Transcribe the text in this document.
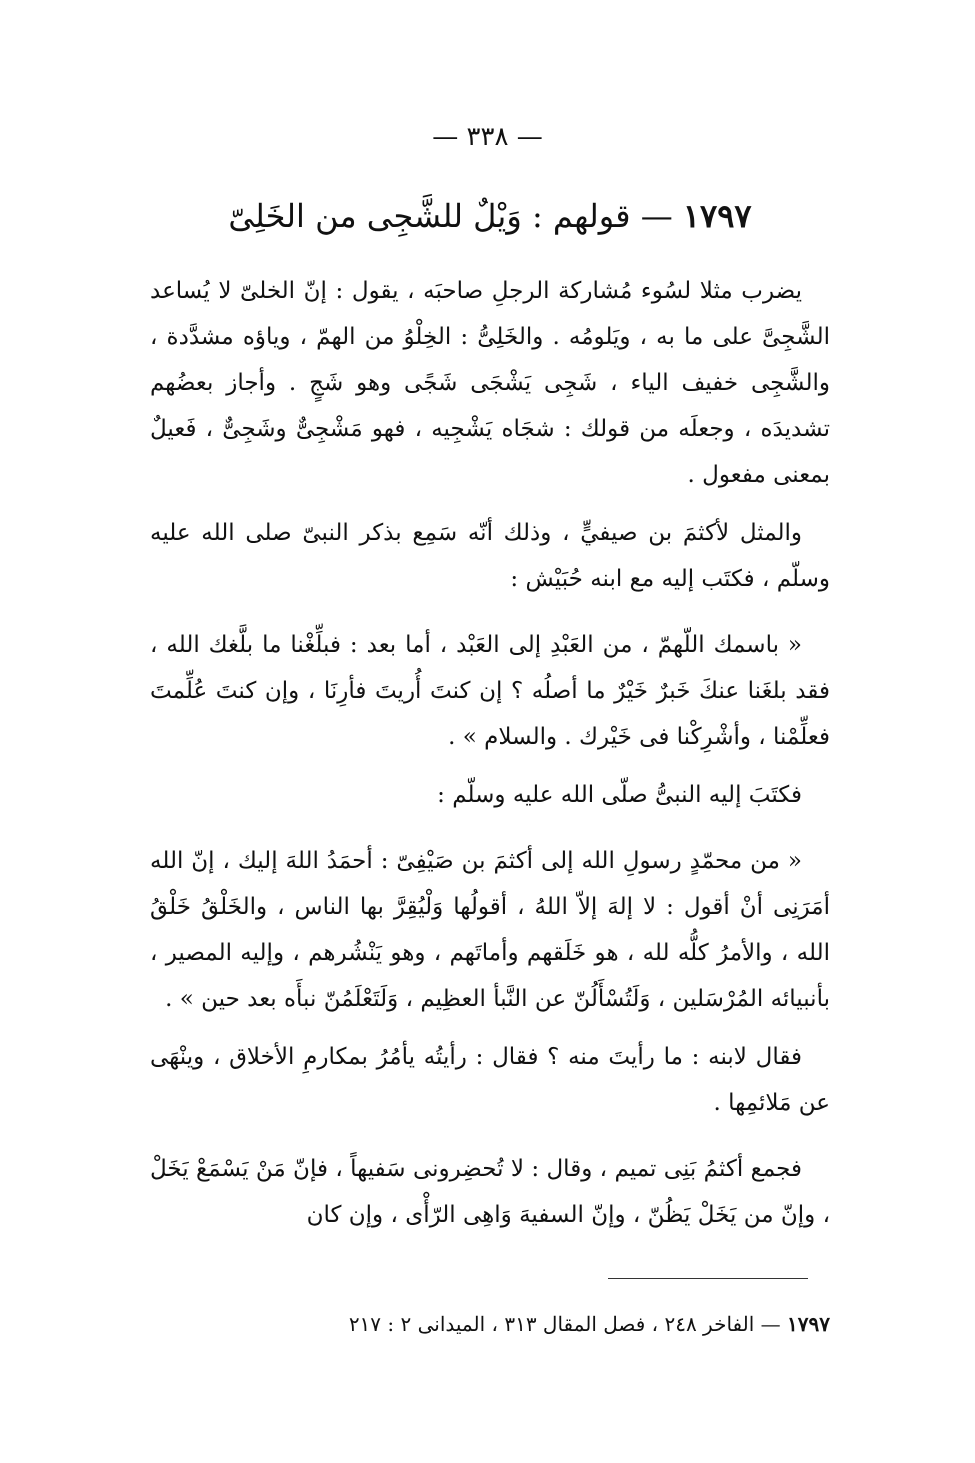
— ٣٣٨ —
١٧٩٧ — قولهم : وَيْلٌ للشَّجِى من الخَلِىّ

يضرب مثلا لسُوء مُشاركة الرجلِ صاحبَه ، يقول : إنّ الخلىّ لا يُساعد الشَّجِىَّ على ما به ، ويَلومُه . والخَلِىُّ : الخِلْوُ من الهمّ ، وياؤه مشدَّدة ، والشَّجِى خفيف الياء ، شَجِى يَشْجَى شَجًى وهو شَجٍ . وأجاز بعضُهم تشديدَه ، وجعلَه من قولك : شجَاه يَشْجِيه ، فهو مَشْجِىٌّ وشَجِىٌّ ، فَعيلٌ بمعنى مفعول .

والمثل لأكثمَ بن صيفيٍّ ، وذلك أنّه سَمِع بذكر النبىّ صلى الله عليه وسلّم ، فكتَب إليه مع ابنه حُبَيْش :

« باسمك اللّهمّ ، من العَبْدِ إلى العَبْد ، أما بعد : فبلِّغْنا ما بلَّغك الله ، فقد بلغَنا عنكَ خَبرٌ خَيْرٌ ما أصلُه ؟ إن كنتَ أُريتَ فأرِنَا ، وإن كنتَ عُلِّمتَ فعلِّمْنا ، وأشْرِكْنا فى خَيْرك . والسلام » .

فكتَبَ إليه النبىُّ صلّى الله عليه وسلّم :

« من محمّدٍ رسولِ الله إلى أكثمَ بن صَيْفِىّ : أحمَدُ اللهَ إليك ، إنّ الله أمَرَنِى أنْ أقول : لا إلهَ إلاّ اللهُ ، أقولُها وَلْيُقِرَّ بها الناس ، والخَلْقُ خَلْقُ الله ، والأمرُ كلُّه لله ، هو خَلَقهم وأماتَهم ، وهو يَنْشُرهم ، وإليه المصير ، بأنبيائه المُرْسَلين ، وَلَتُسْأَلُنّ عن النَّبأ العظِيم ، وَلَتَعْلَمُنّ نبأَه بعد حين » .

فقال لابنه : ما رأيتَ منه ؟ فقال : رأيتُه يأمُرُ بمكارمِ الأخلاق ، وينْهَى عن مَلائمِها .

فجمع أكثمُ بَنِى تميم ، وقال : لا تُحضِرونى سَفيهاً ، فإنّ مَنْ يَسْمَعْ يَخَلْ ، وإنّ من يَخَلْ يَظُنّ ، وإنّ السفيهَ وَاهِى الرّأْى ، وإن كان

١٧٩٧ — الفاخر ٢٤٨ ، فصل المقال ٣١٣ ، الميدانى ٢ : ٢١٧
